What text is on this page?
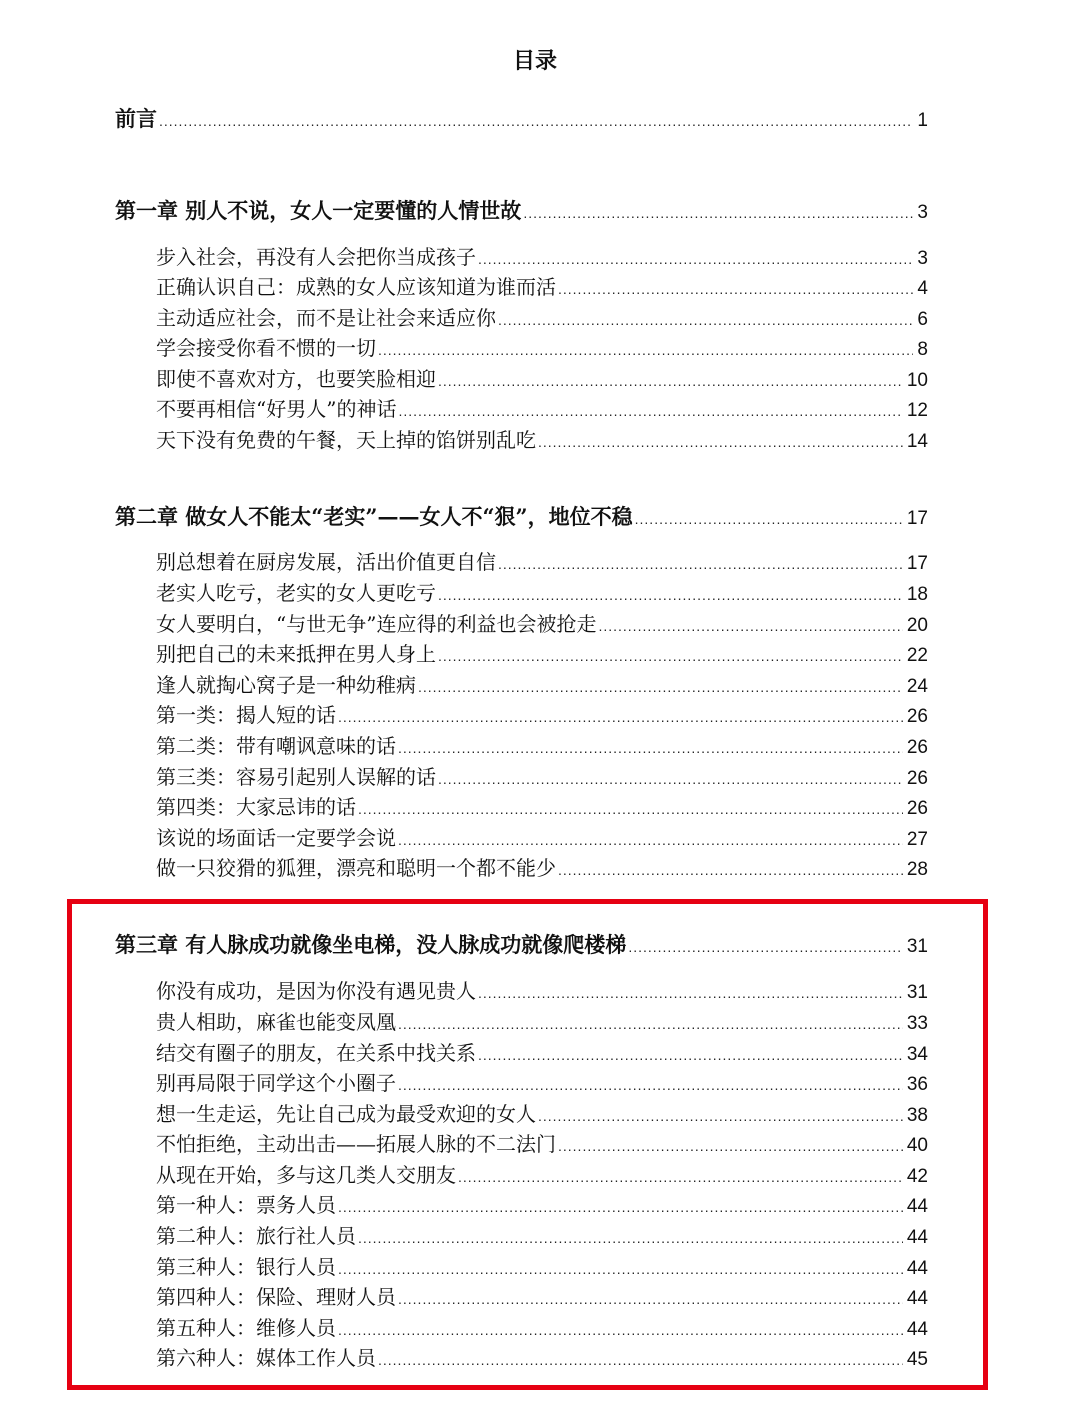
目录
前言 .....	1
第一章 别人不说，女人一定要懂的人情世故 .....	3
步入社会，再没有人会把你当成孩子 .....	3
正确认识自己：成熟的女人应该知道为谁而活 .....	4
主动适应社会，而不是让社会来适应你 .....	6
学会接受你看不惯的一切 .....	8
即使不喜欢对方，也要笑脸相迎 .....	10
不要再相信“好男人”的神话 .....	12
天下没有免费的午餐，天上掉的馅饼别乱吃 .....	14
第二章 做女人不能太“老实”——女人不“狠”，地位不稳 .....	17
别总想着在厨房发展，活出价值更自信 .....	17
老实人吃亏，老实的女人更吃亏 .....	18
女人要明白，“与世无争”连应得的利益也会被抢走 .....	20
别把自己的未来抵押在男人身上 .....	22
逢人就掏心窝子是一种幼稚病 .....	24
第一类：揭人短的话 .....	26
第二类：带有嘲讽意味的话 .....	26
第三类：容易引起别人误解的话 .....	26
第四类：大家忌讳的话 .....	26
该说的场面话一定要学会说 .....	27
做一只狡猾的狐狸，漂亮和聪明一个都不能少 .....	28
第三章 有人脉成功就像坐电梯，没人脉成功就像爬楼梯 .....	31
你没有成功，是因为你没有遇见贵人 .....	31
贵人相助，麻雀也能变凤凰 .....	33
结交有圈子的朋友，在关系中找关系 .....	34
别再局限于同学这个小圈子 .....	36
想一生走运，先让自己成为最受欢迎的女人 .....	38
不怕拒绝，主动出击——拓展人脉的不二法门 .....	40
从现在开始，多与这几类人交朋友 .....	42
第一种人：票务人员 .....	44
第二种人：旅行社人员 .....	44
第三种人：银行人员 .....	44
第四种人：保险、理财人员 .....	44
第五种人：维修人员 .....	44
第六种人：媒体工作人员 .....	45
